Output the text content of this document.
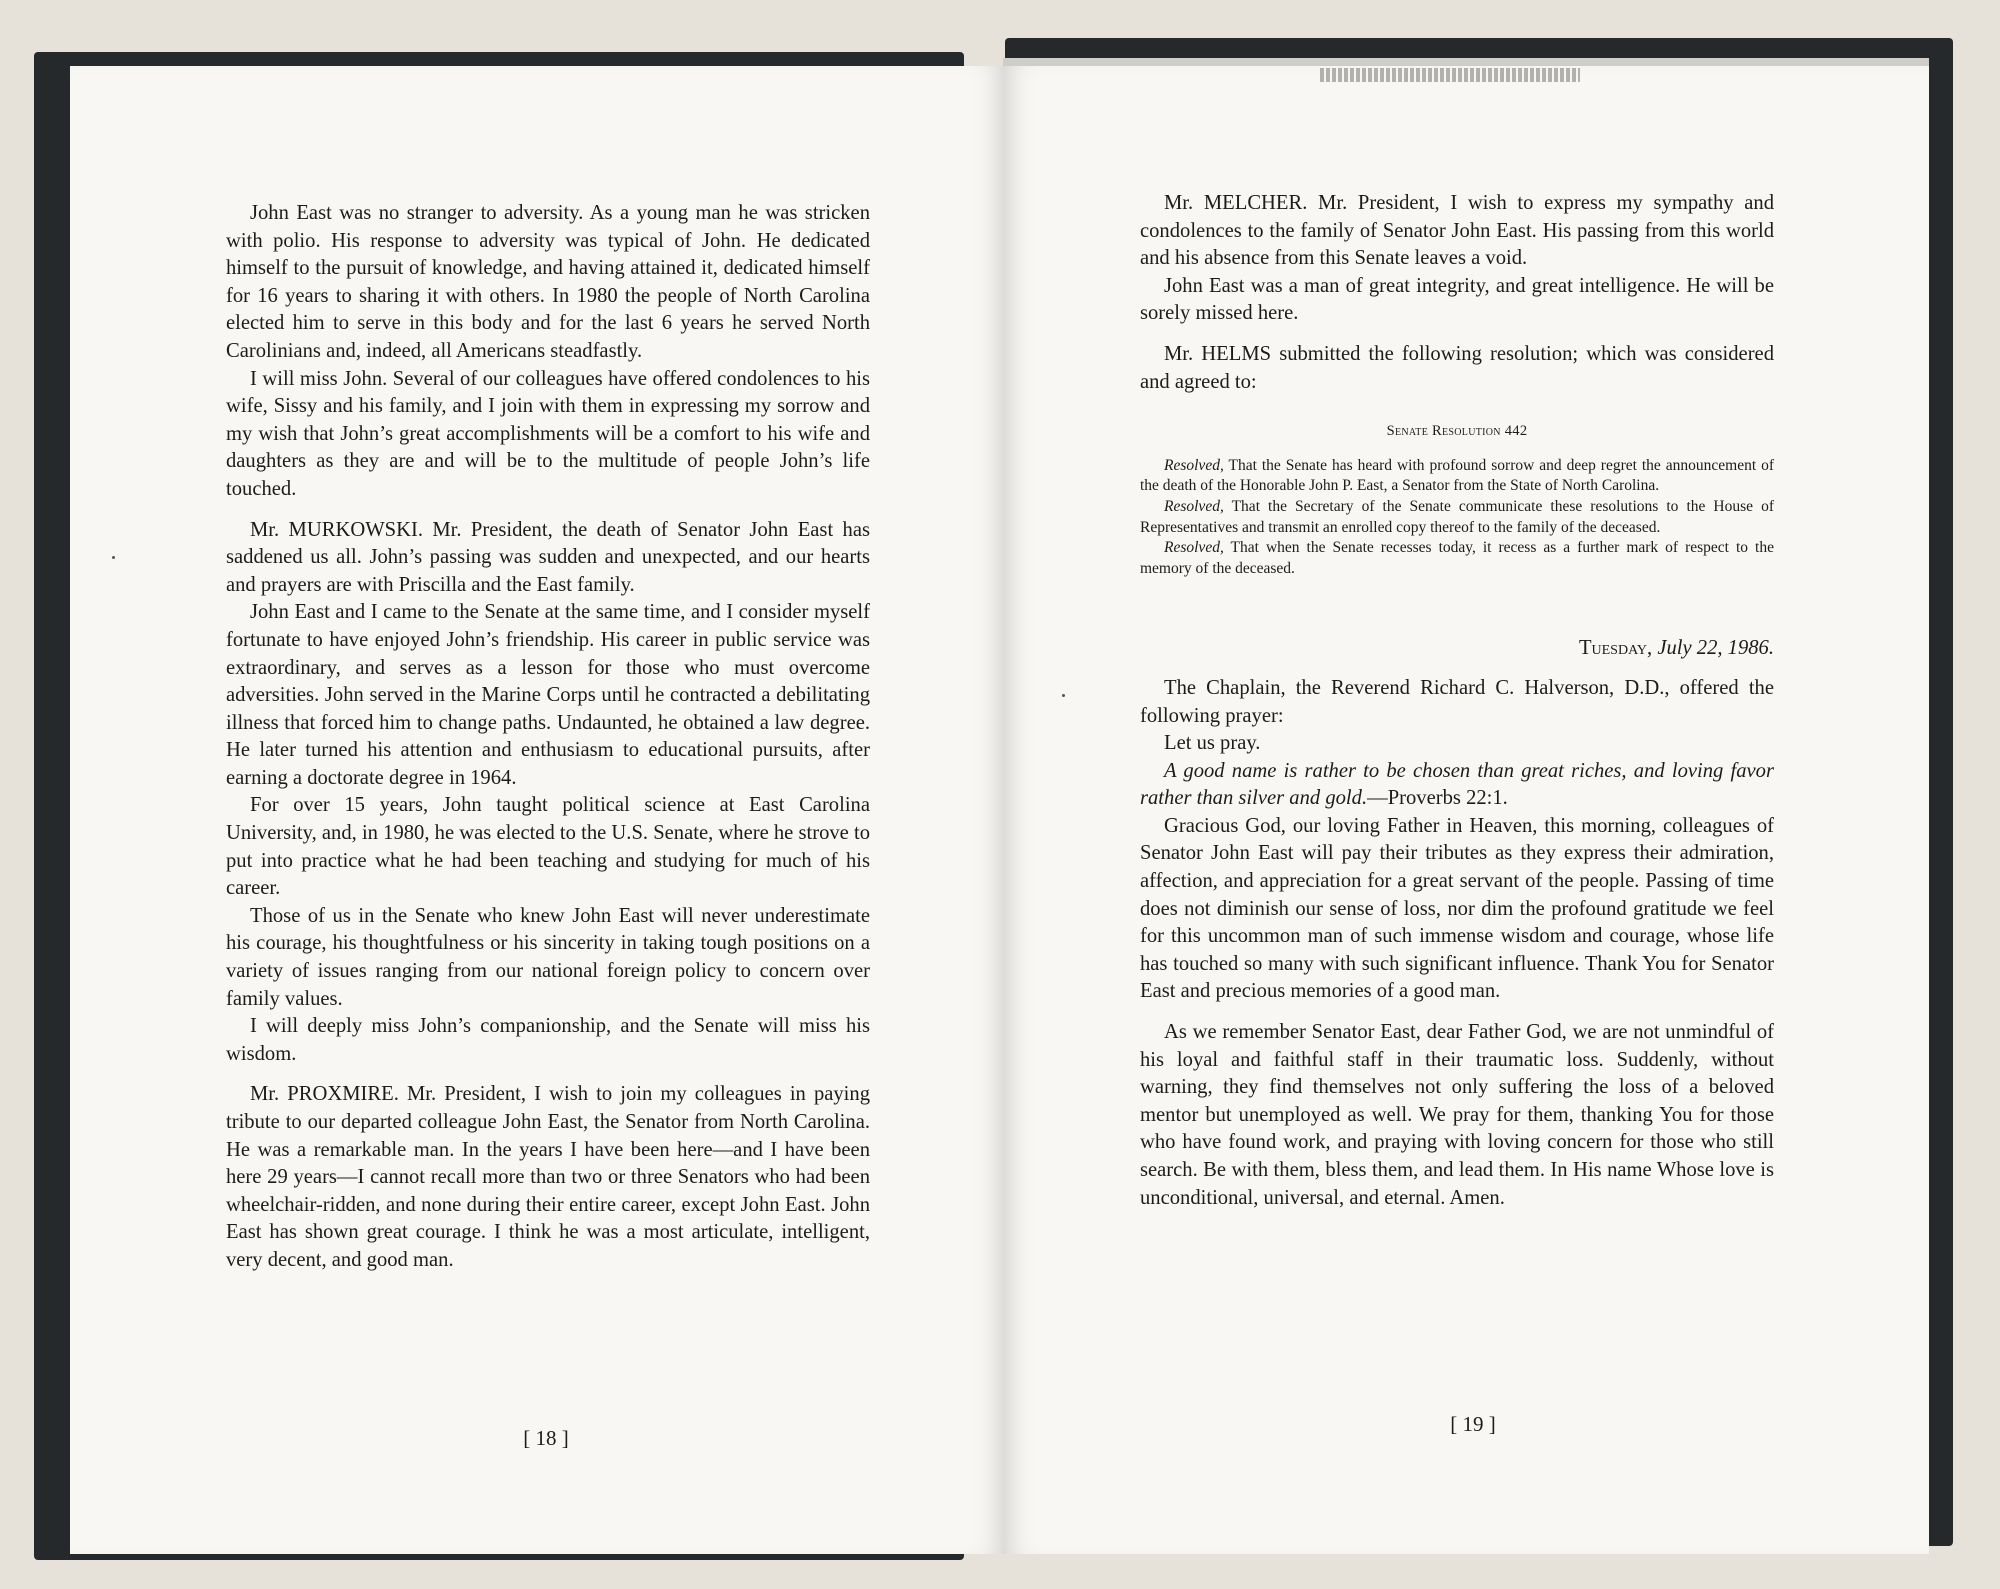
John East was no stranger to adversity. As a young man he was stricken with polio. His response to adversity was typical of John. He dedicated himself to the pursuit of knowledge, and having attained it, dedicated himself for 16 years to sharing it with others. In 1980 the people of North Carolina elected him to serve in this body and for the last 6 years he served North Carolinians and, indeed, all Americans steadfastly.

I will miss John. Several of our colleagues have offered condolences to his wife, Sissy and his family, and I join with them in expressing my sorrow and my wish that John’s great accomplishments will be a comfort to his wife and daughters as they are and will be to the multitude of people John’s life touched.

Mr. MURKOWSKI. Mr. President, the death of Senator John East has saddened us all. John’s passing was sudden and unexpected, and our hearts and prayers are with Priscilla and the East family.

John East and I came to the Senate at the same time, and I consider myself fortunate to have enjoyed John’s friendship. His career in public service was extraordinary, and serves as a lesson for those who must overcome adversities. John served in the Marine Corps until he contracted a debilitating illness that forced him to change paths. Undaunted, he obtained a law degree. He later turned his attention and enthusiasm to educational pursuits, after earning a doctorate degree in 1964.

For over 15 years, John taught political science at East Carolina University, and, in 1980, he was elected to the U.S. Senate, where he strove to put into practice what he had been teaching and studying for much of his career.

Those of us in the Senate who knew John East will never underestimate his courage, his thoughtfulness or his sincerity in taking tough positions on a variety of issues ranging from our national foreign policy to concern over family values.

I will deeply miss John’s companionship, and the Senate will miss his wisdom.

Mr. PROXMIRE. Mr. President, I wish to join my colleagues in paying tribute to our departed colleague John East, the Senator from North Carolina. He was a remarkable man. In the years I have been here—and I have been here 29 years—I cannot recall more than two or three Senators who had been wheelchair-ridden, and none during their entire career, except John East. John East has shown great courage. I think he was a most articulate, intelligent, very decent, and good man.

[ 18 ]

Mr. MELCHER. Mr. President, I wish to express my sympathy and condolences to the family of Senator John East. His passing from this world and his absence from this Senate leaves a void.

John East was a man of great integrity, and great intelligence. He will be sorely missed here.

Mr. HELMS submitted the following resolution; which was considered and agreed to:

Senate Resolution 442

Resolved, That the Senate has heard with profound sorrow and deep regret the announcement of the death of the Honorable John P. East, a Senator from the State of North Carolina.

Resolved, That the Secretary of the Senate communicate these resolutions to the House of Representatives and transmit an enrolled copy thereof to the family of the deceased.

Resolved, That when the Senate recesses today, it recess as a further mark of respect to the memory of the deceased.

Tuesday, July 22, 1986.

The Chaplain, the Reverend Richard C. Halverson, D.D., offered the following prayer:

Let us pray.

A good name is rather to be chosen than great riches, and loving favor rather than silver and gold.—Proverbs 22:1.

Gracious God, our loving Father in Heaven, this morning, colleagues of Senator John East will pay their tributes as they express their admiration, affection, and appreciation for a great servant of the people. Passing of time does not diminish our sense of loss, nor dim the profound gratitude we feel for this uncommon man of such immense wisdom and courage, whose life has touched so many with such significant influence. Thank You for Senator East and precious memories of a good man.

As we remember Senator East, dear Father God, we are not unmindful of his loyal and faithful staff in their traumatic loss. Suddenly, without warning, they find themselves not only suffering the loss of a beloved mentor but unemployed as well. We pray for them, thanking You for those who have found work, and praying with loving concern for those who still search. Be with them, bless them, and lead them. In His name Whose love is unconditional, universal, and eternal. Amen.

[ 19 ]
